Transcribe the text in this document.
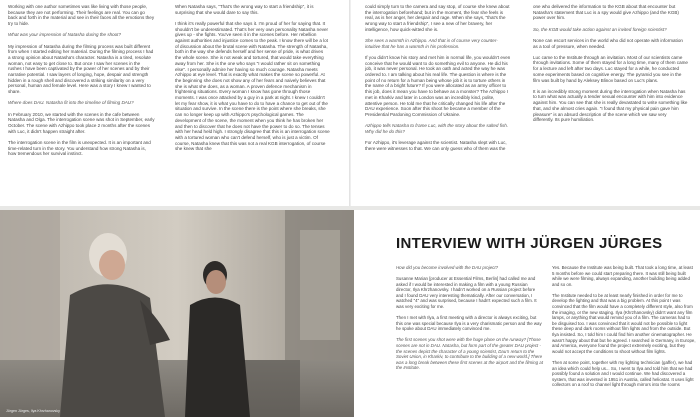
Working with one author sometimes was like living with those people, because they are not performing. Their feelings are real. You can go back and forth in the material and see in their faces all the emotions they try to hide.

What was your impression of Natasha during the shoot?

My impression of Natasha during the filming process was built different from when I started editing her material. During the filming process I had a strong opinion about Natasha's character. Natasha is a tired, resolute woman, not easy to get close to. But once I saw her scenes in the rushes I have been captivated by the power of her scenes and by their narrative potential. I saw layers of longing, hope, despair and strength hidden in a rough shell and discovered a striking similarity on a very personal, human and female level. Here was a story I knew I wanted to share.

Where does DAU. Natasha fit into the timeline of filming DAU?

In February 2010, we started with the scenes in the cafe between Natasha and Olga. The interrogation scene was shot in September, early October. The scene with Azhippo took place 2 months after the scenes with Luc, it didn't happen straight after.

The interrogation scene in the film is unexpected. It is an important and time-related turn in the story. You understand how strong Natasha is, how tremendous her survival instinct.

When Natasha says, "That's the wrong way to start a friendship", it is surprising that she would dare to say this.

I think it's really powerful that she says it. I'm proud of her for saying that. It shouldn't be underestimated. That's her very own personality Natasha never gives up - she fights. You've seen it in the scenes before. Her rebellion against authorities and injustice comes to the peak. I know there will be a lot of discussion about the brutal scene with Natasha. The strength of Natasha, both in the way she defends herself and her sense of pride, is what drives the whole scene. She is not weak and tortured, that would take everything away from her. She is the one who says "I would rather sit on something else". I personally admire her having so much courage. Natasha meets Azhippo at eye level. That is exactly what makes the scene so powerful. At the beginning she does not show any of her fears and naively believes that she is what she does, as a woman. A proven defence mechanism in frightening situations. Every woman I know has gone through those moments. I was once attacked by a guy in a park at night. I knew I couldn't let my fear show, it is what you have to do to have a chance to get out of the situation and survive. In the scene there is the point where she breaks, she can no longer keep up with Azhippo's psychological games. The development of the scene, the moment when you think he has broken her and then to discover that he does not have the power to do so. The tenses with her head held high. I strongly disagree that this is an interrogation scene with a tortured woman who can't defend herself, who is just a victim. Of course, Natasha knew that this was not a real KGB interrogation, of course she knew that she

could simply turn to the camera and say stop, of course she knew about the interrogation beforehand; but in the moment, the fear she feels is real, as is her anger, her despair and rage. When she says, "that's the wrong way to start a friendship", I see a new of her bravery, her intelligence, how quick-witted she is.

She sees a warmth in Azhippo. And that is of course very counter-intuitive that he has a warmth in his profession.

If you didn't know his story and met him in normal life, you wouldn't even conceive that he would want to do something evil to anyone. He did his job, it was never personal. He took an oath and acted the way he was ordered to. I am talking about his real life. The question is where is the point of no return for a human being whose job it is to torture others in the name of a bright future? If you were allocated as an army officer to this job, does it mean you have to behave as a monster? The Azhippo I met in Kharkiv and later in London was an incredibly kind, polite, attentive person. He told me that he critically changed his life after the DAU experience. Soon after this shoot he became a member of the Presidential Pardoning Commission of Ukraine.

Azhippo tells Natasha to frame Luc, with the story about the salted fish. Why did he do this?

For Azhippo, it's leverage against the scientist. Natasha slept with Luc, there were witnesses to that. We can only guess who of them was the

one who delivered the information to the KGB about that encounter but Natasha's statement that Luc is a spy would give Azhippo (and the KGB) power over him.

So, the KGB would take action against an invited foreign scientist?

None can escort services in the world who did not operate with information as a tool of pressure, when needed.

Luc came to the Institute through an invitation. Most of our scientists came through invitations. Some of them stayed for a long time, many of them came for a lecture and left after two days. Luc stayed for a while, he conducted some experiments based on cognitive energy. The pyramid you see in the film was built by hand by Aleksey Blinov based on Luc's plans.

It is an incredibly strong moment during the interrogation when Natasha has to turn what was actually a tender sexual encounter with him into evidence against him. You can see that she is really devastated to write something like that, and she almost cries again. "I found that my physical pain gave him pleasure" is an absurd description of the scene which we saw very differently. Its pure humiliation.

Jürgen Jürges, Ilya Khrzhanovsky
INTERVIEW WITH JÜRGEN JÜRGES

How did you become involved with the DAU project?

Susanne Marian [producer at Essential Films, Berlin] had called me and asked if I would be interested in making a film with a young Russian director, Ilya Khrzhanovsky. I hadn't worked on a Russian project before and I found DAU very interesting thematically. After our conversation, I watched "4" and was surprised, because I hadn't expected such a film. It was very exciting for me.

Then I met with Ilya, a first meeting with a director is always exciting, but this one was special because Ilya is a very charismatic person and the way he spoke about DAU immediately convinced me.

The first scenes you shot were with the huge plane on the runway? [Those scenes are not in DAU. Natasha, but form part of the greater DAU project - the scenes depict the character of a young scientist, Dau's return to the Soviet Union, in Kharkiv, to contribute to the building of a new world.] There was a long break between these first scenes at the airport and the filming at the Institute.

Yes. Because the Institute was being built. That took a long time, at least 5 months before we could start preparing there. It was still being built while we were filming, always expanding, another building being added and so on.

The Institute needed to be at least nearly finished in order for me to develop the lighting and that was a big problem. At this point I was convinced that the film would have a completely different style, also from the imaging, or the new staging. Ilya (Khrzhanovsky) didn't want any film lamps, or anything that would remind you of a film. The cameras had to be disguised too. I was convinced that it would not be possible to light these deep and dark rooms without film lights and from the outside. But Ilya insisted. So, I told him I could find him another cinematographer. He wasn't happy about that but he agreed. I searched in Germany, in Europe, and America, everyone found the project extremely exciting, but they would not accept the conditions to shoot without film lights.

Then at some point, together with my lighting technician (gaffer), we had an idea which could help us... So, I went to Ilya and told him that we had possibly found a solution and I would continue. We had discovered a system, that was invented in 1951 in Austria, called heliostat. It uses light collectors on a roof to channel light through mirrors into the rooms
